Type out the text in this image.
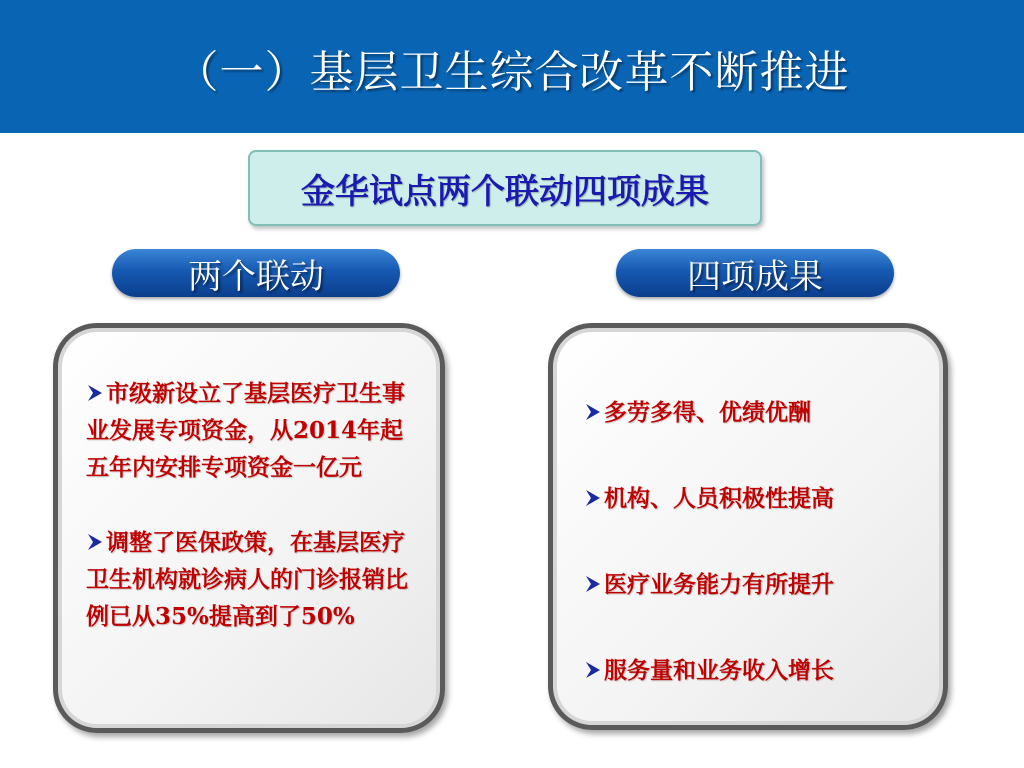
（一）基层卫生综合改革不断推进
金华试点两个联动四项成果
两个联动	四项成果
市级新设立了基层医疗卫生事业发展专项资金，从2014年起五年内安排专项资金一亿元
调整了医保政策，在基层医疗卫生机构就诊病人的门诊报销比例已从35%提高到了50%
多劳多得、优绩优酬
机构、人员积极性提高
医疗业务能力有所提升
服务量和业务收入增长
